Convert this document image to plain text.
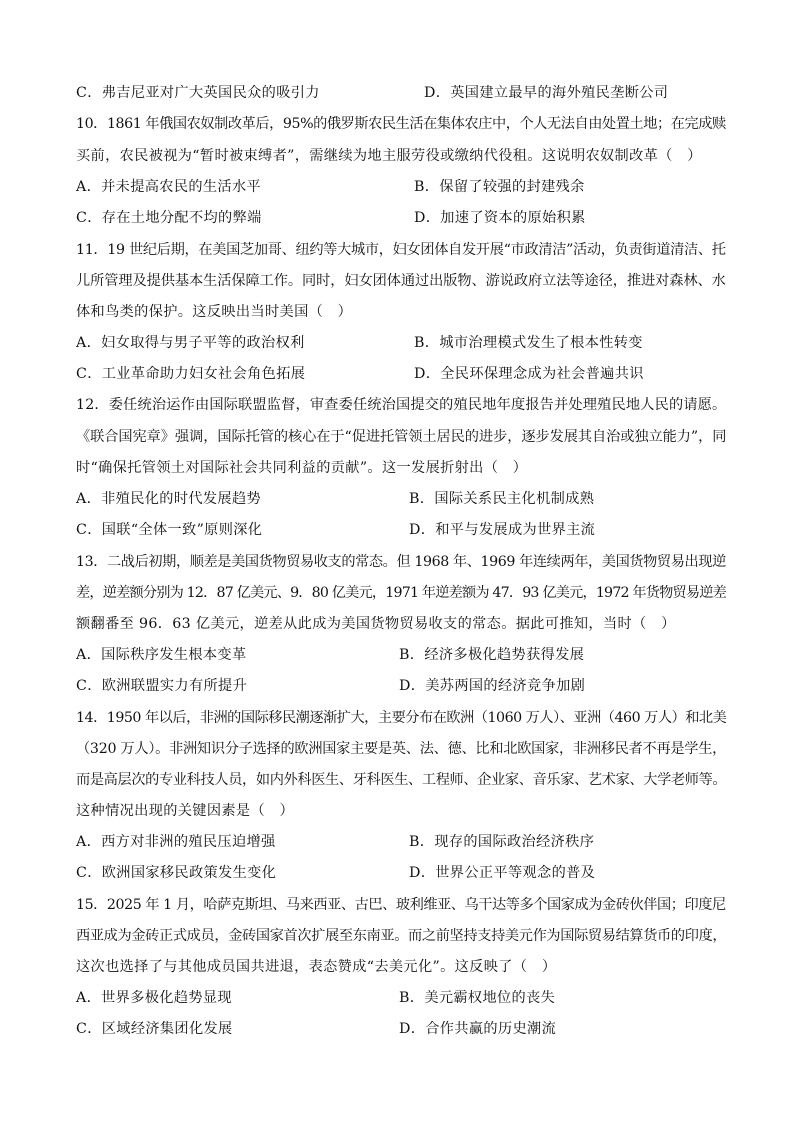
C．弗吉尼亚对广大英国民众的吸引力	D．英国建立最早的海外殖民垄断公司
10．1861 年俄国农奴制改革后，95%的俄罗斯农民生活在集体农庄中，个人无法自由处置土地；在完成赎
买前，农民被视为“暂时被束缚者”，需继续为地主服劳役或缴纳代役租。这说明农奴制改革（　）
A．并未提高农民的生活水平	B．保留了较强的封建残余
C．存在土地分配不均的弊端	D．加速了资本的原始积累
11．19 世纪后期，在美国芝加哥、纽约等大城市，妇女团体自发开展“市政清洁”活动，负责街道清洁、托
儿所管理及提供基本生活保障工作。同时，妇女团体通过出版物、游说政府立法等途径，推进对森林、水
体和鸟类的保护。这反映出当时美国（　）
A．妇女取得与男子平等的政治权利	B．城市治理模式发生了根本性转变
C．工业革命助力妇女社会角色拓展	D．全民环保理念成为社会普遍共识
12．委任统治运作由国际联盟监督，审查委任统治国提交的殖民地年度报告并处理殖民地人民的请愿。
《联合国宪章》强调，国际托管的核心在于“促进托管领土居民的进步，逐步发展其自治或独立能力”，同
时“确保托管领土对国际社会共同利益的贡献”。这一发展折射出（　）
A．非殖民化的时代发展趋势	B．国际关系民主化机制成熟
C．国联“全体一致”原则深化	D．和平与发展成为世界主流
13．二战后初期，顺差是美国货物贸易收支的常态。但 1968 年、1969 年连续两年，美国货物贸易出现逆
差，逆差额分别为 12．87 亿美元、9．80 亿美元，1971 年逆差额为 47．93 亿美元，1972 年货物贸易逆差
额翻番至 96．63 亿美元，逆差从此成为美国货物贸易收支的常态。据此可推知，当时（　）
A．国际秩序发生根本变革	B．经济多极化趋势获得发展
C．欧洲联盟实力有所提升	D．美苏两国的经济竞争加剧
14．1950 年以后，非洲的国际移民潮逐渐扩大，主要分布在欧洲（1060 万人）、亚洲（460 万人）和北美
（320 万人）。非洲知识分子选择的欧洲国家主要是英、法、德、比和北欧国家，非洲移民者不再是学生，
而是高层次的专业科技人员，如内外科医生、牙科医生、工程师、企业家、音乐家、艺术家、大学老师等。
这种情况出现的关键因素是（　）
A．西方对非洲的殖民压迫增强	B．现存的国际政治经济秩序
C．欧洲国家移民政策发生变化	D．世界公正平等观念的普及
15．2025 年 1 月，哈萨克斯坦、马来西亚、古巴、玻利维亚、乌干达等多个国家成为金砖伙伴国；印度尼
西亚成为金砖正式成员，金砖国家首次扩展至东南亚。而之前坚持支持美元作为国际贸易结算货币的印度，
这次也选择了与其他成员国共进退，表态赞成“去美元化”。这反映了（　）
A．世界多极化趋势显现	B．美元霸权地位的丧失
C．区域经济集团化发展	D．合作共赢的历史潮流
